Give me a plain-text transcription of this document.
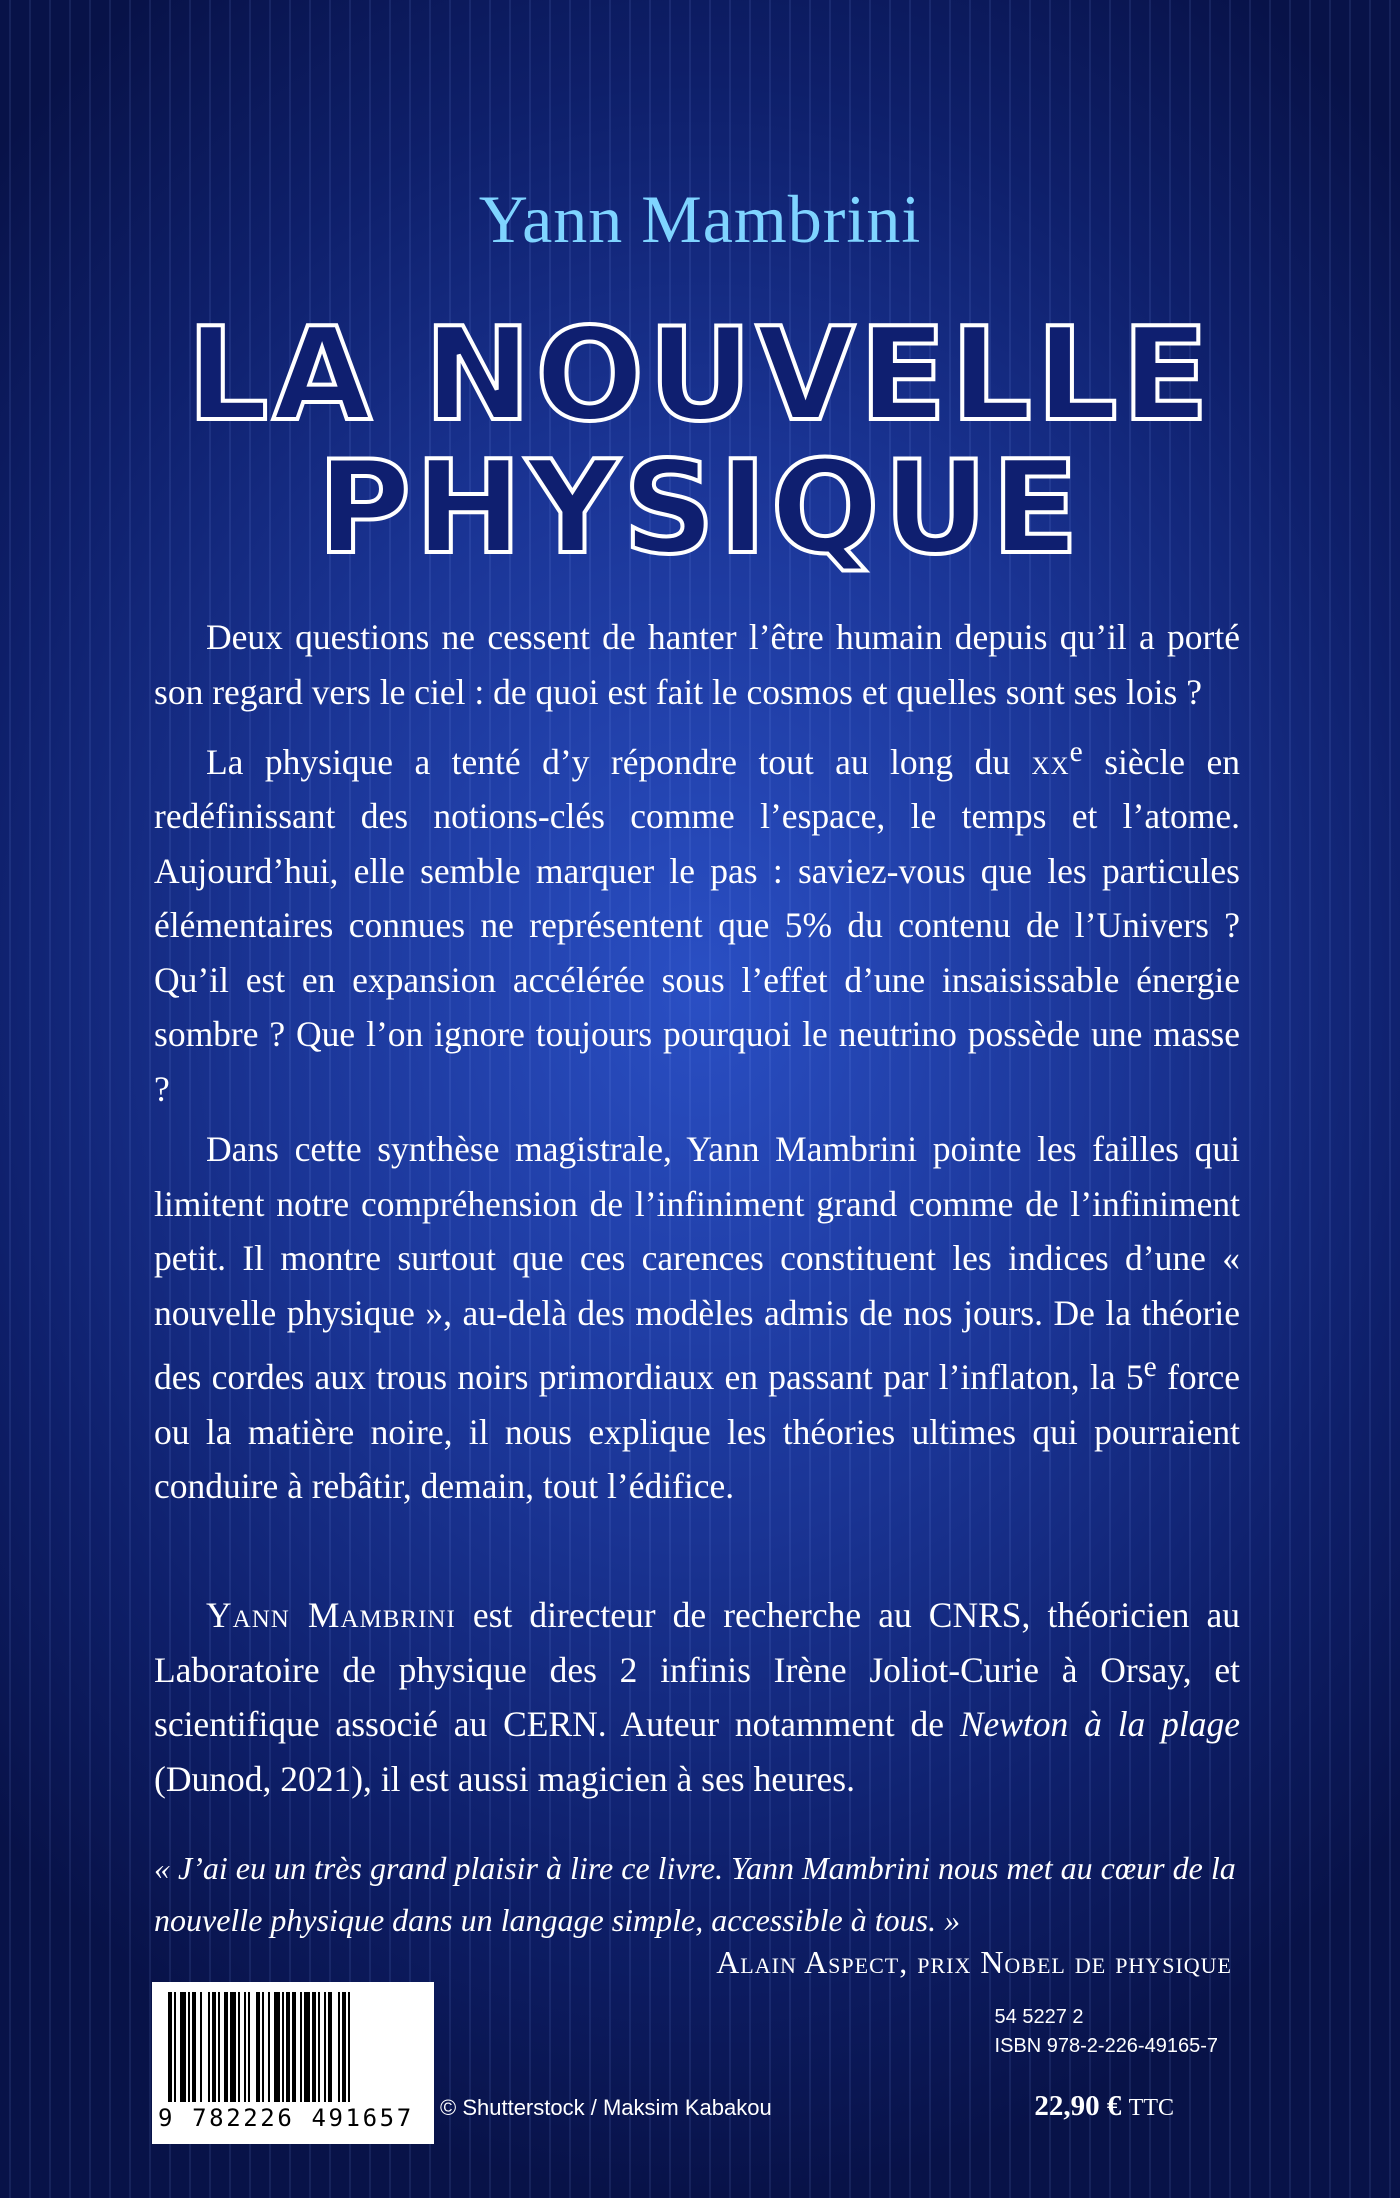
Yann Mambrini
LA NOUVELLE
PHYSIQUE

Deux questions ne cessent de hanter l’être humain depuis qu’il a porté son regard vers le ciel : de quoi est fait le cosmos et quelles sont ses lois ?

La physique a tenté d’y répondre tout au long du $xx^e$ siècle en redéfinissant des notions-clés comme l’espace, le temps et l’atome. Aujourd’hui, elle semble marquer le pas : saviez-vous que les particules élémentaires connues ne représentent que 5% du contenu de l’Univers ? Qu’il est en expansion accélérée sous l’effet d’une insaisissable énergie sombre ? Que l’on ignore toujours pourquoi le neutrino possède une masse ?

Dans cette synthèse magistrale, Yann Mambrini pointe les failles qui limitent notre compréhension de l’infiniment grand comme de l’infiniment petit. Il montre surtout que ces carences constituent les indices d’une « nouvelle physique », au-delà des modèles admis de nos jours. De la théorie des cordes aux trous noirs primordiaux en passant par l’inflaton, la 5e force ou la matière noire, il nous explique les théories ultimes qui pourraient conduire à rebâtir, demain, tout l’édifice.

Yann Mambrini est directeur de recherche au CNRS, théoricien au Laboratoire de physique des 2 infinis Irène Joliot-Curie à Orsay, et scientifique associé au CERN. Auteur notamment de Newton à la plage (Dunod, 2021), il est aussi magicien à ses heures.
« J’ai eu un très grand plaisir à lire ce livre. Yann Mambrini nous met au cœur de la nouvelle physique dans un langage simple, accessible à tous. »
Alain Aspect, prix Nobel de physique
9 782226 491657	© Shutterstock / Maksim Kabakou
54 5227 2
ISBN 978-2-226-49165-7
22,90 € TTC
